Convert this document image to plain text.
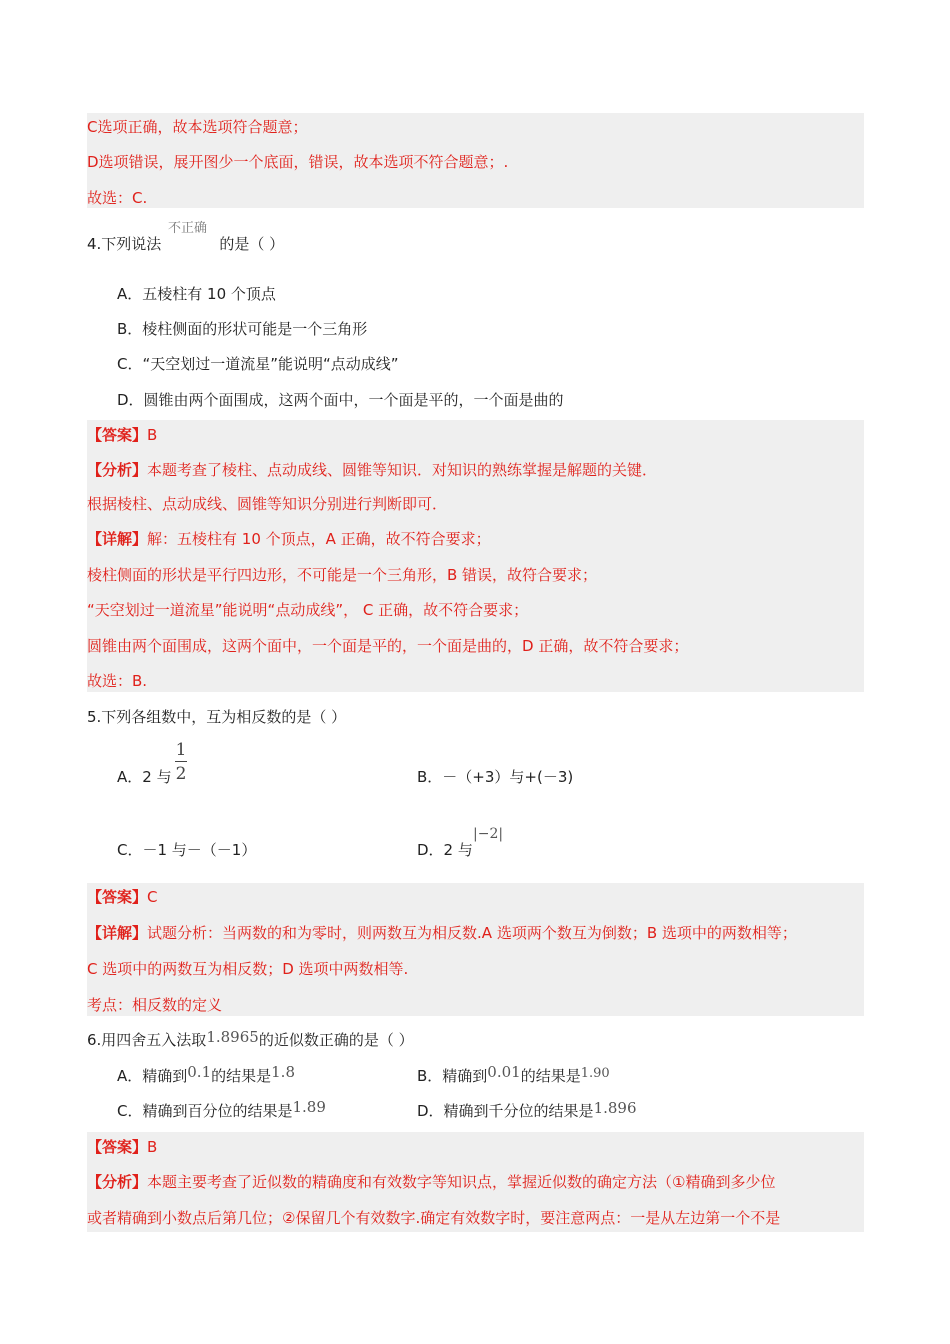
C选项正确，故本选项符合题意；
D选项错误，展开图少一个底面，错误，故本选项不符合题意；.
故选：C.
4.下列说法	的是（ ）
不正确
A．五棱柱有 10 个顶点
B．棱柱侧面的形状可能是一个三角形
C．“天空划过一道流星”能说明“点动成线”
D．圆锥由两个面围成，这两个面中，一个面是平的，一个面是曲的
【答案】B
【分析】本题考查了棱柱、点动成线、圆锥等知识．对知识的熟练掌握是解题的关键．
根据棱柱、点动成线、圆锥等知识分别进行判断即可．
【详解】解：五棱柱有 10 个顶点，A 正确，故不符合要求；
棱柱侧面的形状是平行四边形，不可能是一个三角形，B 错误，故符合要求；
“天空划过一道流星”能说明“点动成线”， C 正确，故不符合要求；
圆锥由两个面围成，这两个面中，一个面是平的，一个面是曲的，D 正确，故不符合要求；
故选：B.
5.下列各组数中，互为相反数的是（ ）
A．2 与
1
2	B．－（+3）与+(－3)
C．－1 与－（－1）	D．2 与
|−2|
【答案】C
【详解】试题分析：当两数的和为零时，则两数互为相反数.A 选项两个数互为倒数；B 选项中的两数相等；
C 选项中的两数互为相反数；D 选项中两数相等.
考点：相反数的定义
6.用四舍五入法取1.8965的近似数正确的是（ ）
A．精确到0.1的结果是1.8	B．精确到0.01的结果是1.90
C．精确到百分位的结果是1.89	D．精确到千分位的结果是1.896
【答案】B
【分析】本题主要考查了近似数的精确度和有效数字等知识点，掌握近似数的确定方法（①精确到多少位
或者精确到小数点后第几位；②保留几个有效数字.确定有效数字时，要注意两点：一是从左边第一个不是
